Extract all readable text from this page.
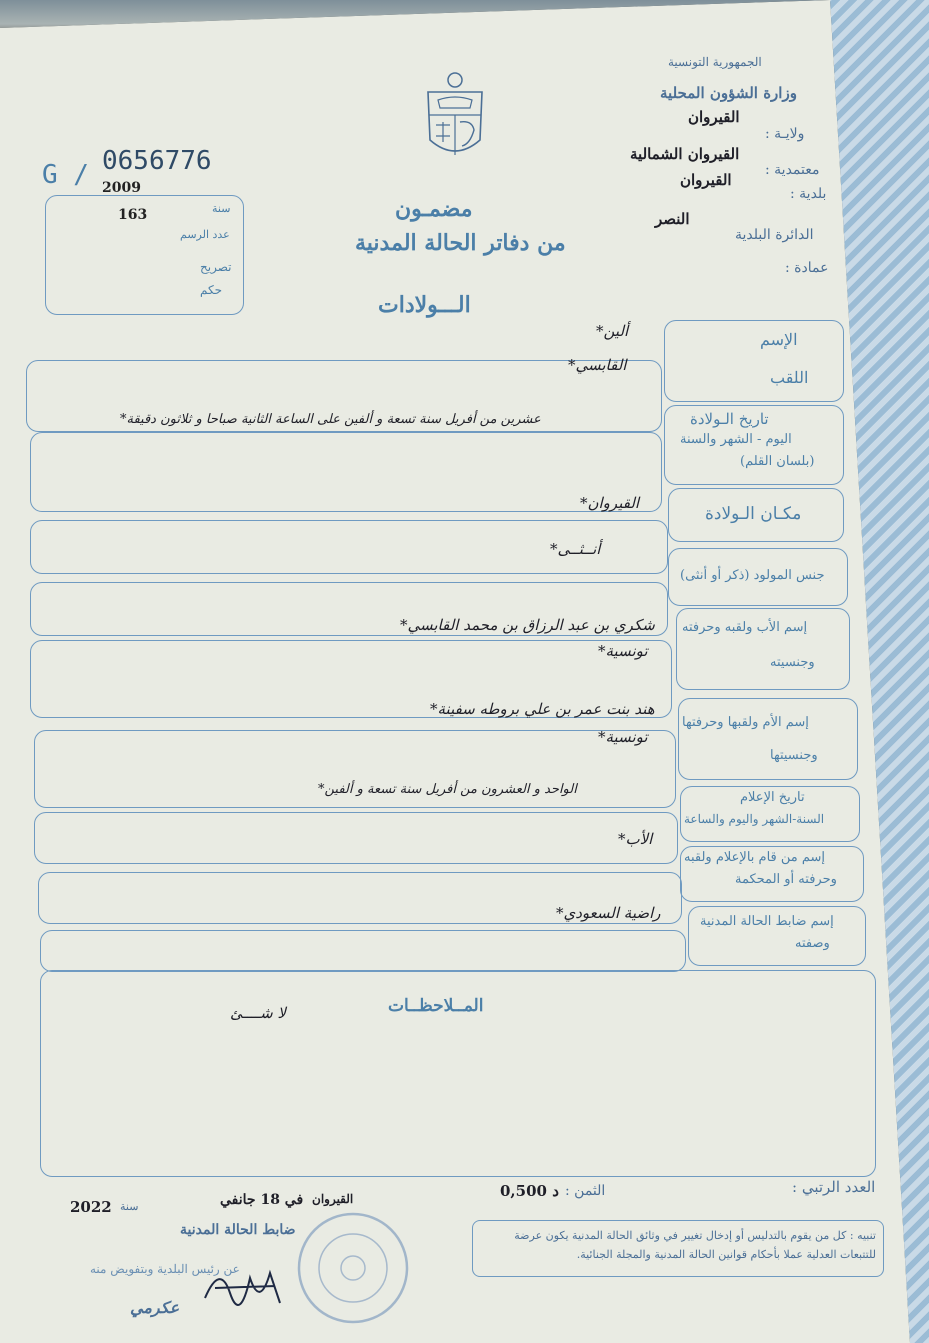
G / 0656776
2009
سنة
163
عدد الرسم
تصريح
حكم
الجمهورية التونسية
وزارة الشؤون المحلية
ولايـة :
القيروان
معتمدية :
القيروان الشمالية
بلدية :
القيروان
الدائرة البلدية
النصر
عمادة :
مضمـون
من دفاتر الحالة المدنية
الـــولادات
الإسم
اللقب
ألين*
القابسي*
تاريخ الـولادة
اليوم - الشهر والسنة
(بلسان القلم)
عشرين من أفريل سنة تسعة و ألفين على الساعة الثانية صباحا و ثلاثون دقيقة*
مكـان الـولادة
القيروان*
جنس المولود (ذكر أو أنثى)
أنــثــى*
إسم الأب ولقبه وحرفته
وجنسيته
شكري بن عبد الرزاق بن محمد القابسي*
تونسية*
إسم الأم ولقبها وحرفتها
وجنسيتها
هند بنت عمر بن علي بروطه سفينة*
تونسية*
تاريخ الإعلام
السنة-الشهر واليوم والساعة
الواحد و العشرون من أفريل سنة تسعة و ألفين*
إسم من قام بالإعلام ولقبه
وحرفته أو المحكمة
الأب*
إسم ضابط الحالة المدنية
وصفته
راضية السعودي*
المــلاحظــات
لا شــــئ
العدد الرتبي :
الثمن :
0,500 د
القيروان
في 18 جانفي
سنة
2022
ضابط الحالة المدنية
عن رئيس البلدية وبتفويض منه
عكرمي
تنبيه : كل من يقوم بالتدليس أو إدخال تغيير في وثائق الحالة المدنية يكون عرضة للتتبعات العدلية عملا بأحكام قوانين الحالة المدنية والمجلة الجنائية.
